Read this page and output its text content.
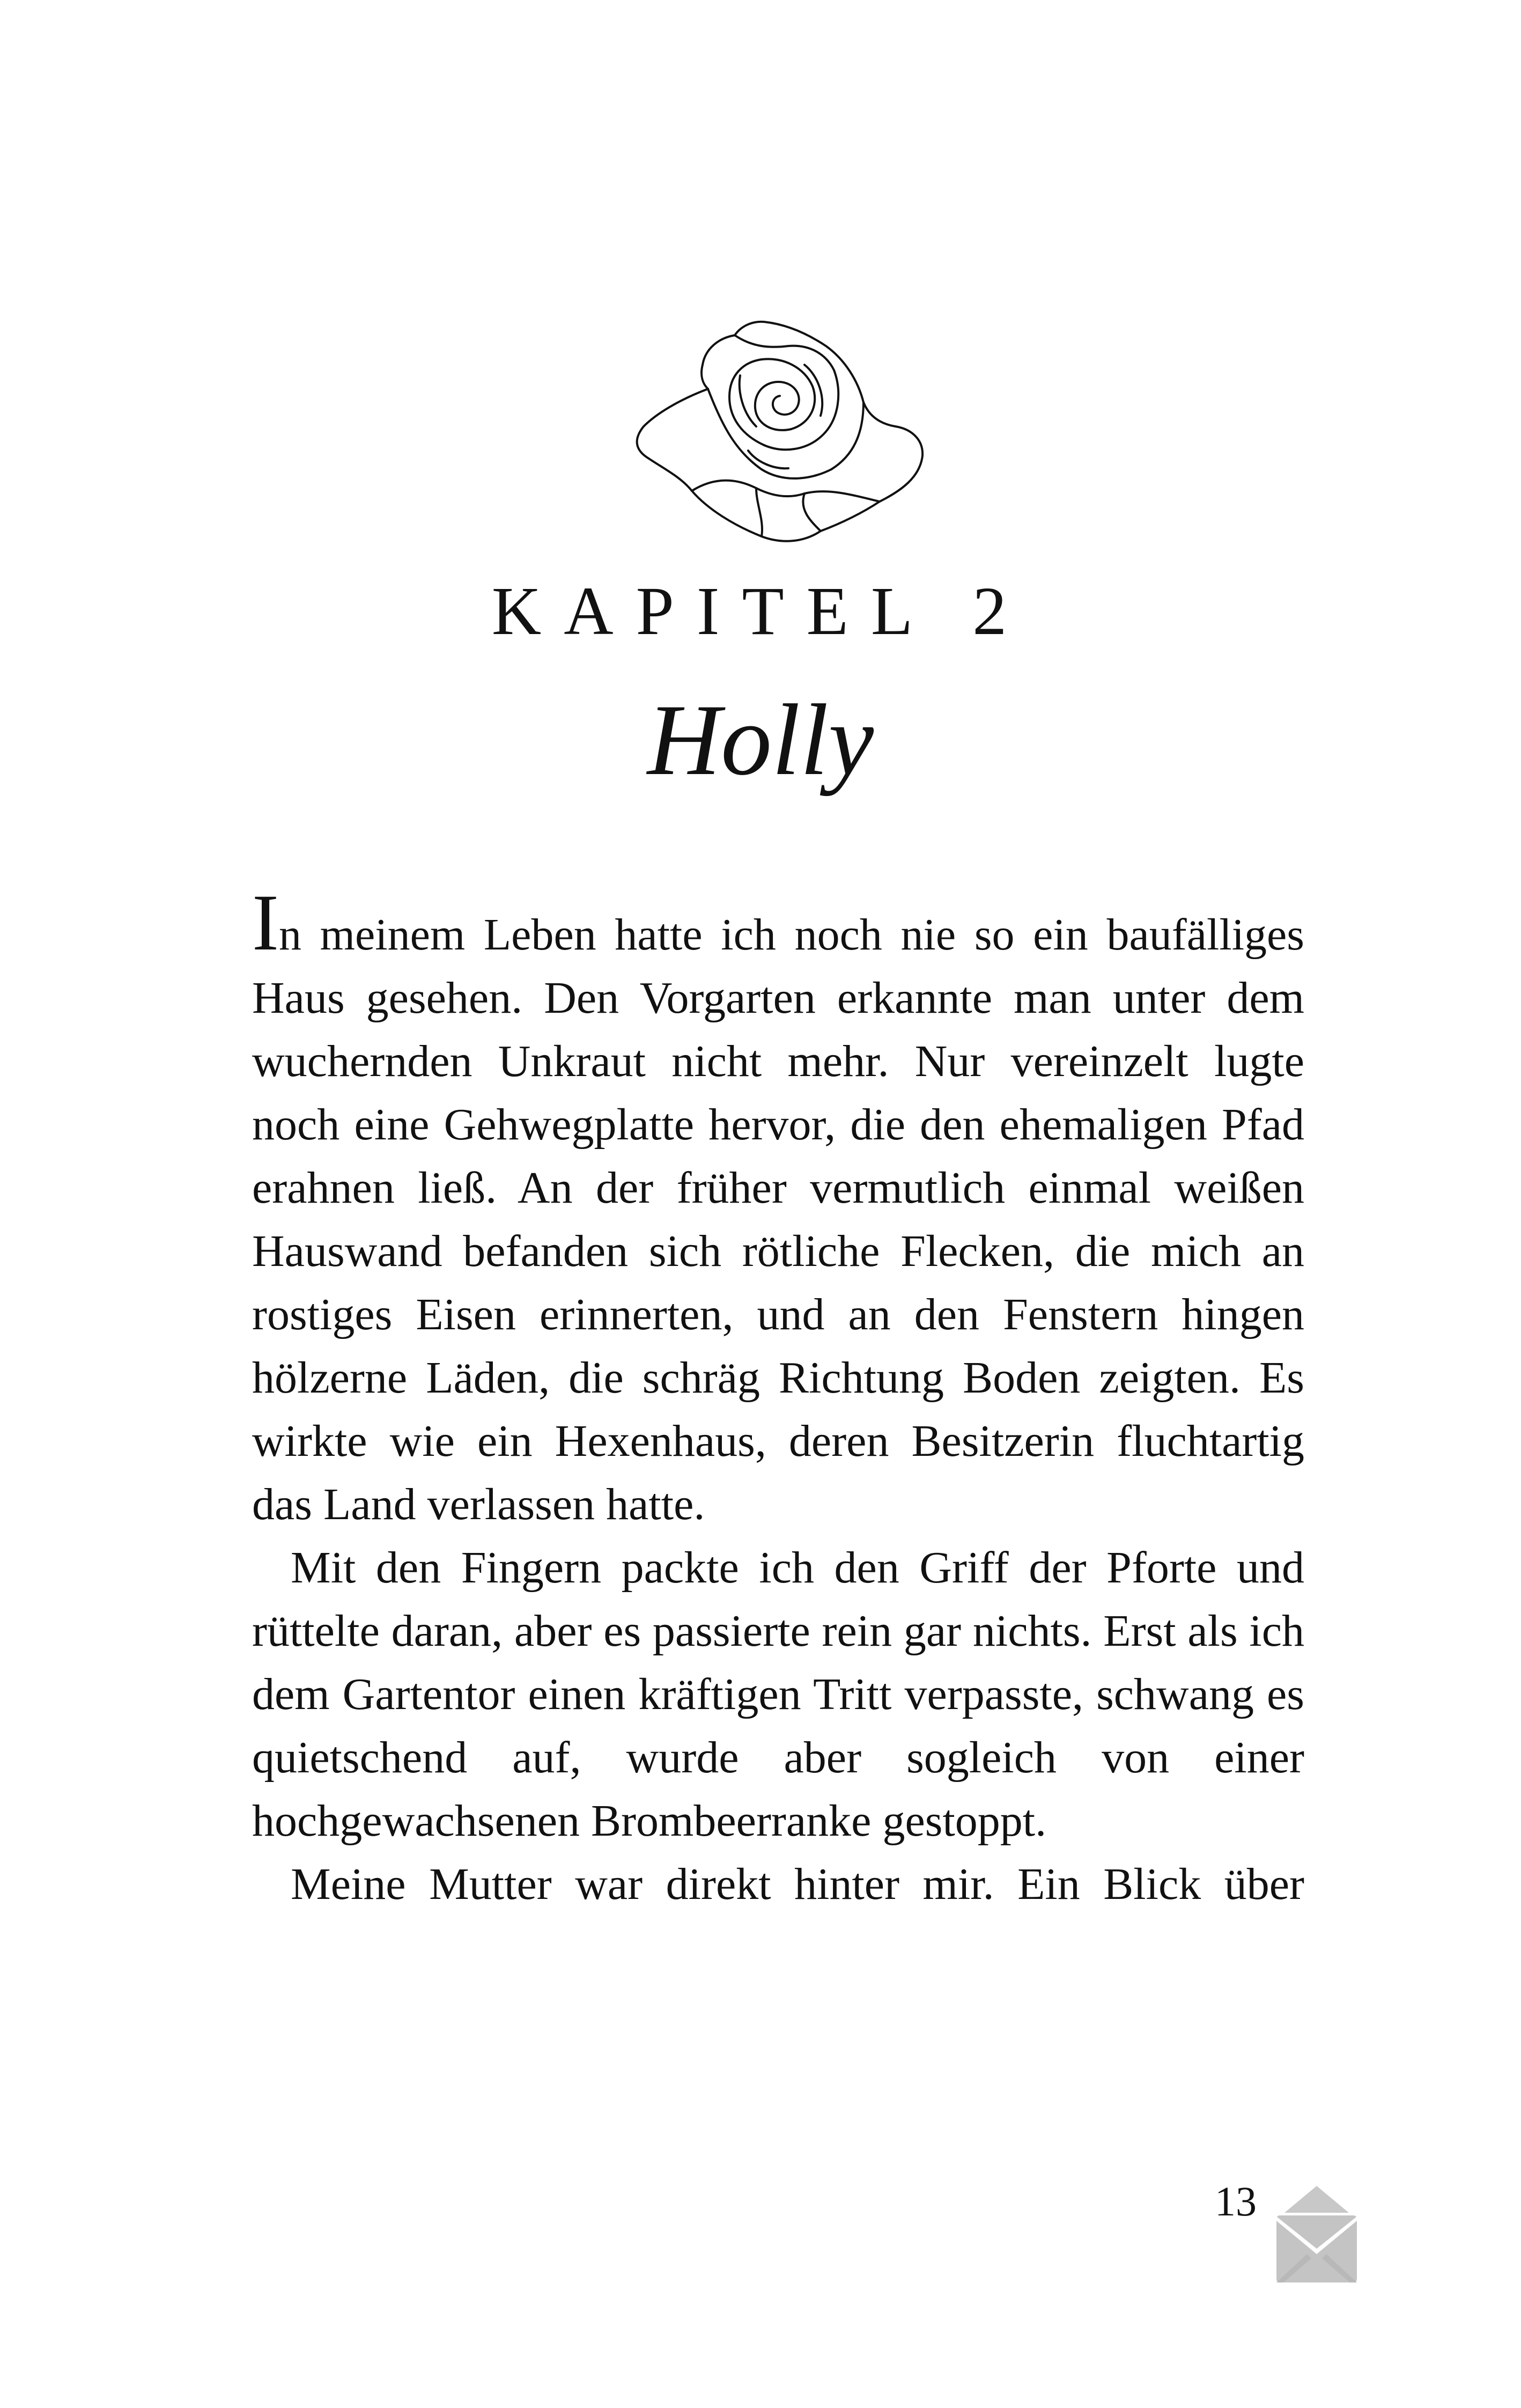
KAPITEL 2
Holly

In meinem Leben hatte ich noch nie so ein baufälliges Haus gesehen. Den Vorgarten erkannte man unter dem wuchernden Unkraut nicht mehr. Nur vereinzelt lugte noch eine Gehwegplatte hervor, die den ehemaligen Pfad erahnen ließ. An der früher vermutlich einmal weißen Hauswand befanden sich rötliche Flecken, die mich an rostiges Eisen erinnerten, und an den Fenstern hingen hölzerne Läden, die schräg Richtung Boden zeigten. Es wirkte wie ein Hexenhaus, deren Besitzerin fluchtartig das Land verlassen hatte.

Mit den Fingern packte ich den Griff der Pforte und rüttelte daran, aber es passierte rein gar nichts. Erst als ich dem Gartentor einen kräftigen Tritt verpasste, schwang es quietschend auf, wurde aber sogleich von einer hochgewachsenen Brombeerranke gestoppt.

Meine Mutter war direkt hinter mir. Ein Blick über

13
